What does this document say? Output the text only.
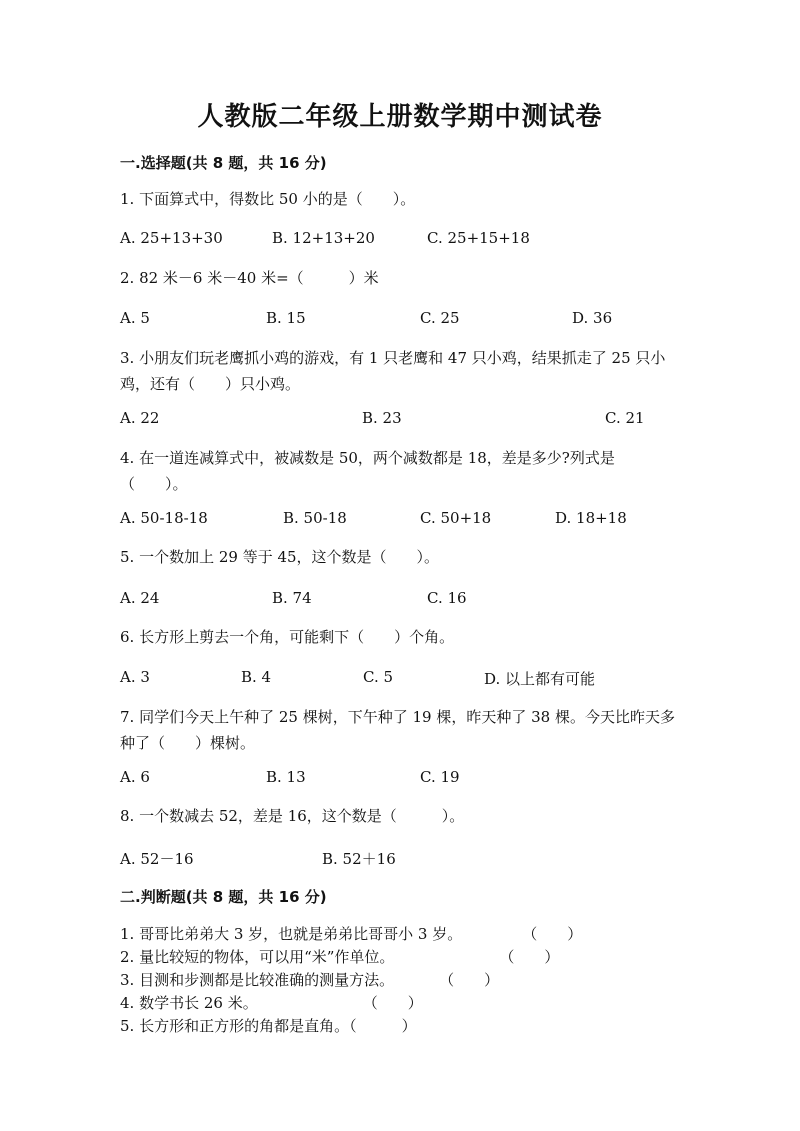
人教版二年级上册数学期中测试卷
一.选择题(共 8 题，共 16 分)
1. 下面算式中，得数比 50 小的是（　　）。
A. 25+13+30	B. 12+13+20	C. 25+15+18
2. 82 米－6 米－40 米=（　　　）米
A. 5	B. 15	C. 25	D. 36
3. 小朋友们玩老鹰抓小鸡的游戏，有 1 只老鹰和 47 只小鸡，结果抓走了 25 只小鸡，还有（　　）只小鸡。
A. 22	B. 23	C. 21
4. 在一道连减算式中，被减数是 50，两个减数都是 18，差是多少?列式是（　　）。
A. 50-18-18	B. 50-18	C. 50+18	D. 18+18
5. 一个数加上 29 等于 45，这个数是（　　）。
A. 24	B. 74	C. 16
6. 长方形上剪去一个角，可能剩下（　　）个角。
A. 3	B. 4	C. 5	D. 以上都有可能
7. 同学们今天上午种了 25 棵树，下午种了 19 棵，昨天种了 38 棵。今天比昨天多种了（　　）棵树。
A. 6	B. 13	C. 19
8. 一个数减去 52，差是 16，这个数是（　　　）。
A. 52－16	B. 52＋16
二.判断题(共 8 题，共 16 分)
1. 哥哥比弟弟大 3 岁，也就是弟弟比哥哥小 3 岁。　　　　　（　　）
2. 量比较短的物体，可以用“米”作单位。　　　　　　　　（　　）
3. 目测和步测都是比较准确的测量方法。　　　　（　　）
4. 数学书长 26 米。　　　　　　　　（　　）
5. 长方形和正方形的角都是直角。（　　　）
